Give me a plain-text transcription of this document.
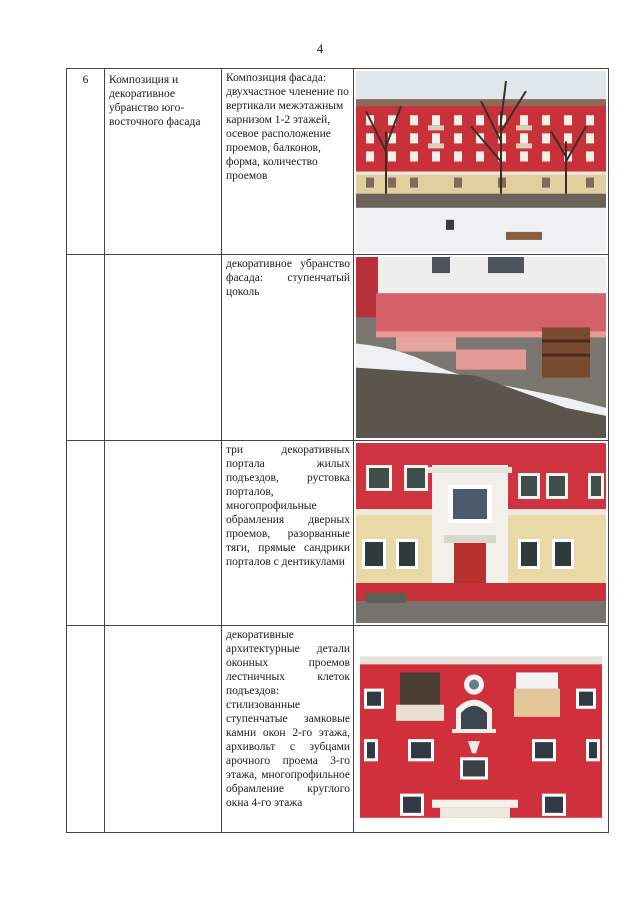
4
6	Композиция и декоративное убранство юго-восточного фасада	Композиция фасада: двухчастное членение по вертикали межэтажным карнизом 1-2 этажей, осевое расположение проемов, балконов, форма, количество проемов	

		декоративное убранство фасада: ступенчатый цоколь	

		три декоративных портала жилых подъездов, рустовка порталов, многопрофильные обрамления дверных проемов, разорванные тяги, прямые сандрики порталов с дентикулами	

		декоративные архитектурные детали оконных проемов лестничных клеток подъездов: стилизованные ступенчатые замковые камни окон 2-го этажа, архивольт с зубцами арочного проема 3-го этажа, многопрофильное обрамление круглого окна 4-го этажа	
